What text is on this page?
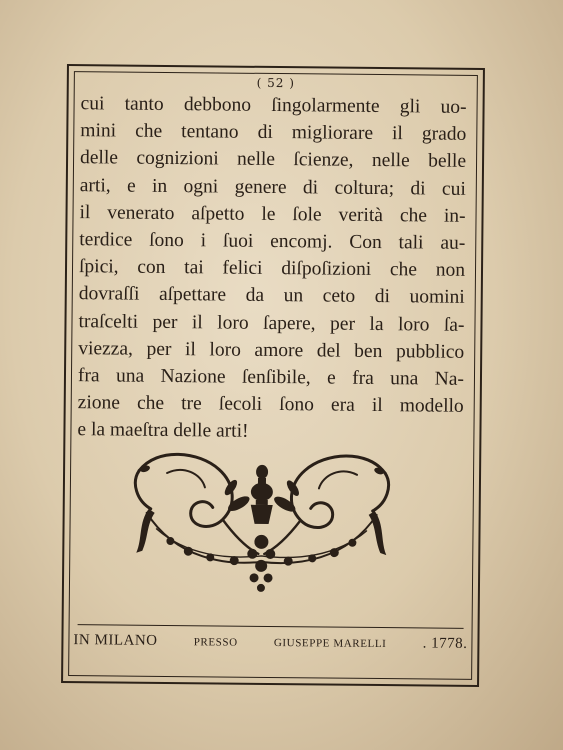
( 52 )

cui tanto debbono ſingolarmente gli uo-
mini che tentano di migliorare il grado
delle cognizioni nelle ſcienze, nelle belle
arti, e in ogni genere di coltura; di cui
il venerato aſpetto le ſole verità che in-
terdice ſono i ſuoi encomj. Con tali au-
ſpici, con tai felici diſpoſizioni che non
dovraſſi aſpettare da un ceto di uomini
traſcelti per il loro ſapere, per la loro ſa-
viezza, per il loro amore del ben pubblico
fra una Nazione ſenſibile, e fra una Na-
zione che tre ſecoli ſono era il modello
e la maeſtra delle arti!

IN MILANO	PRESSO	GIUSEPPE MARELLI . 1778.
